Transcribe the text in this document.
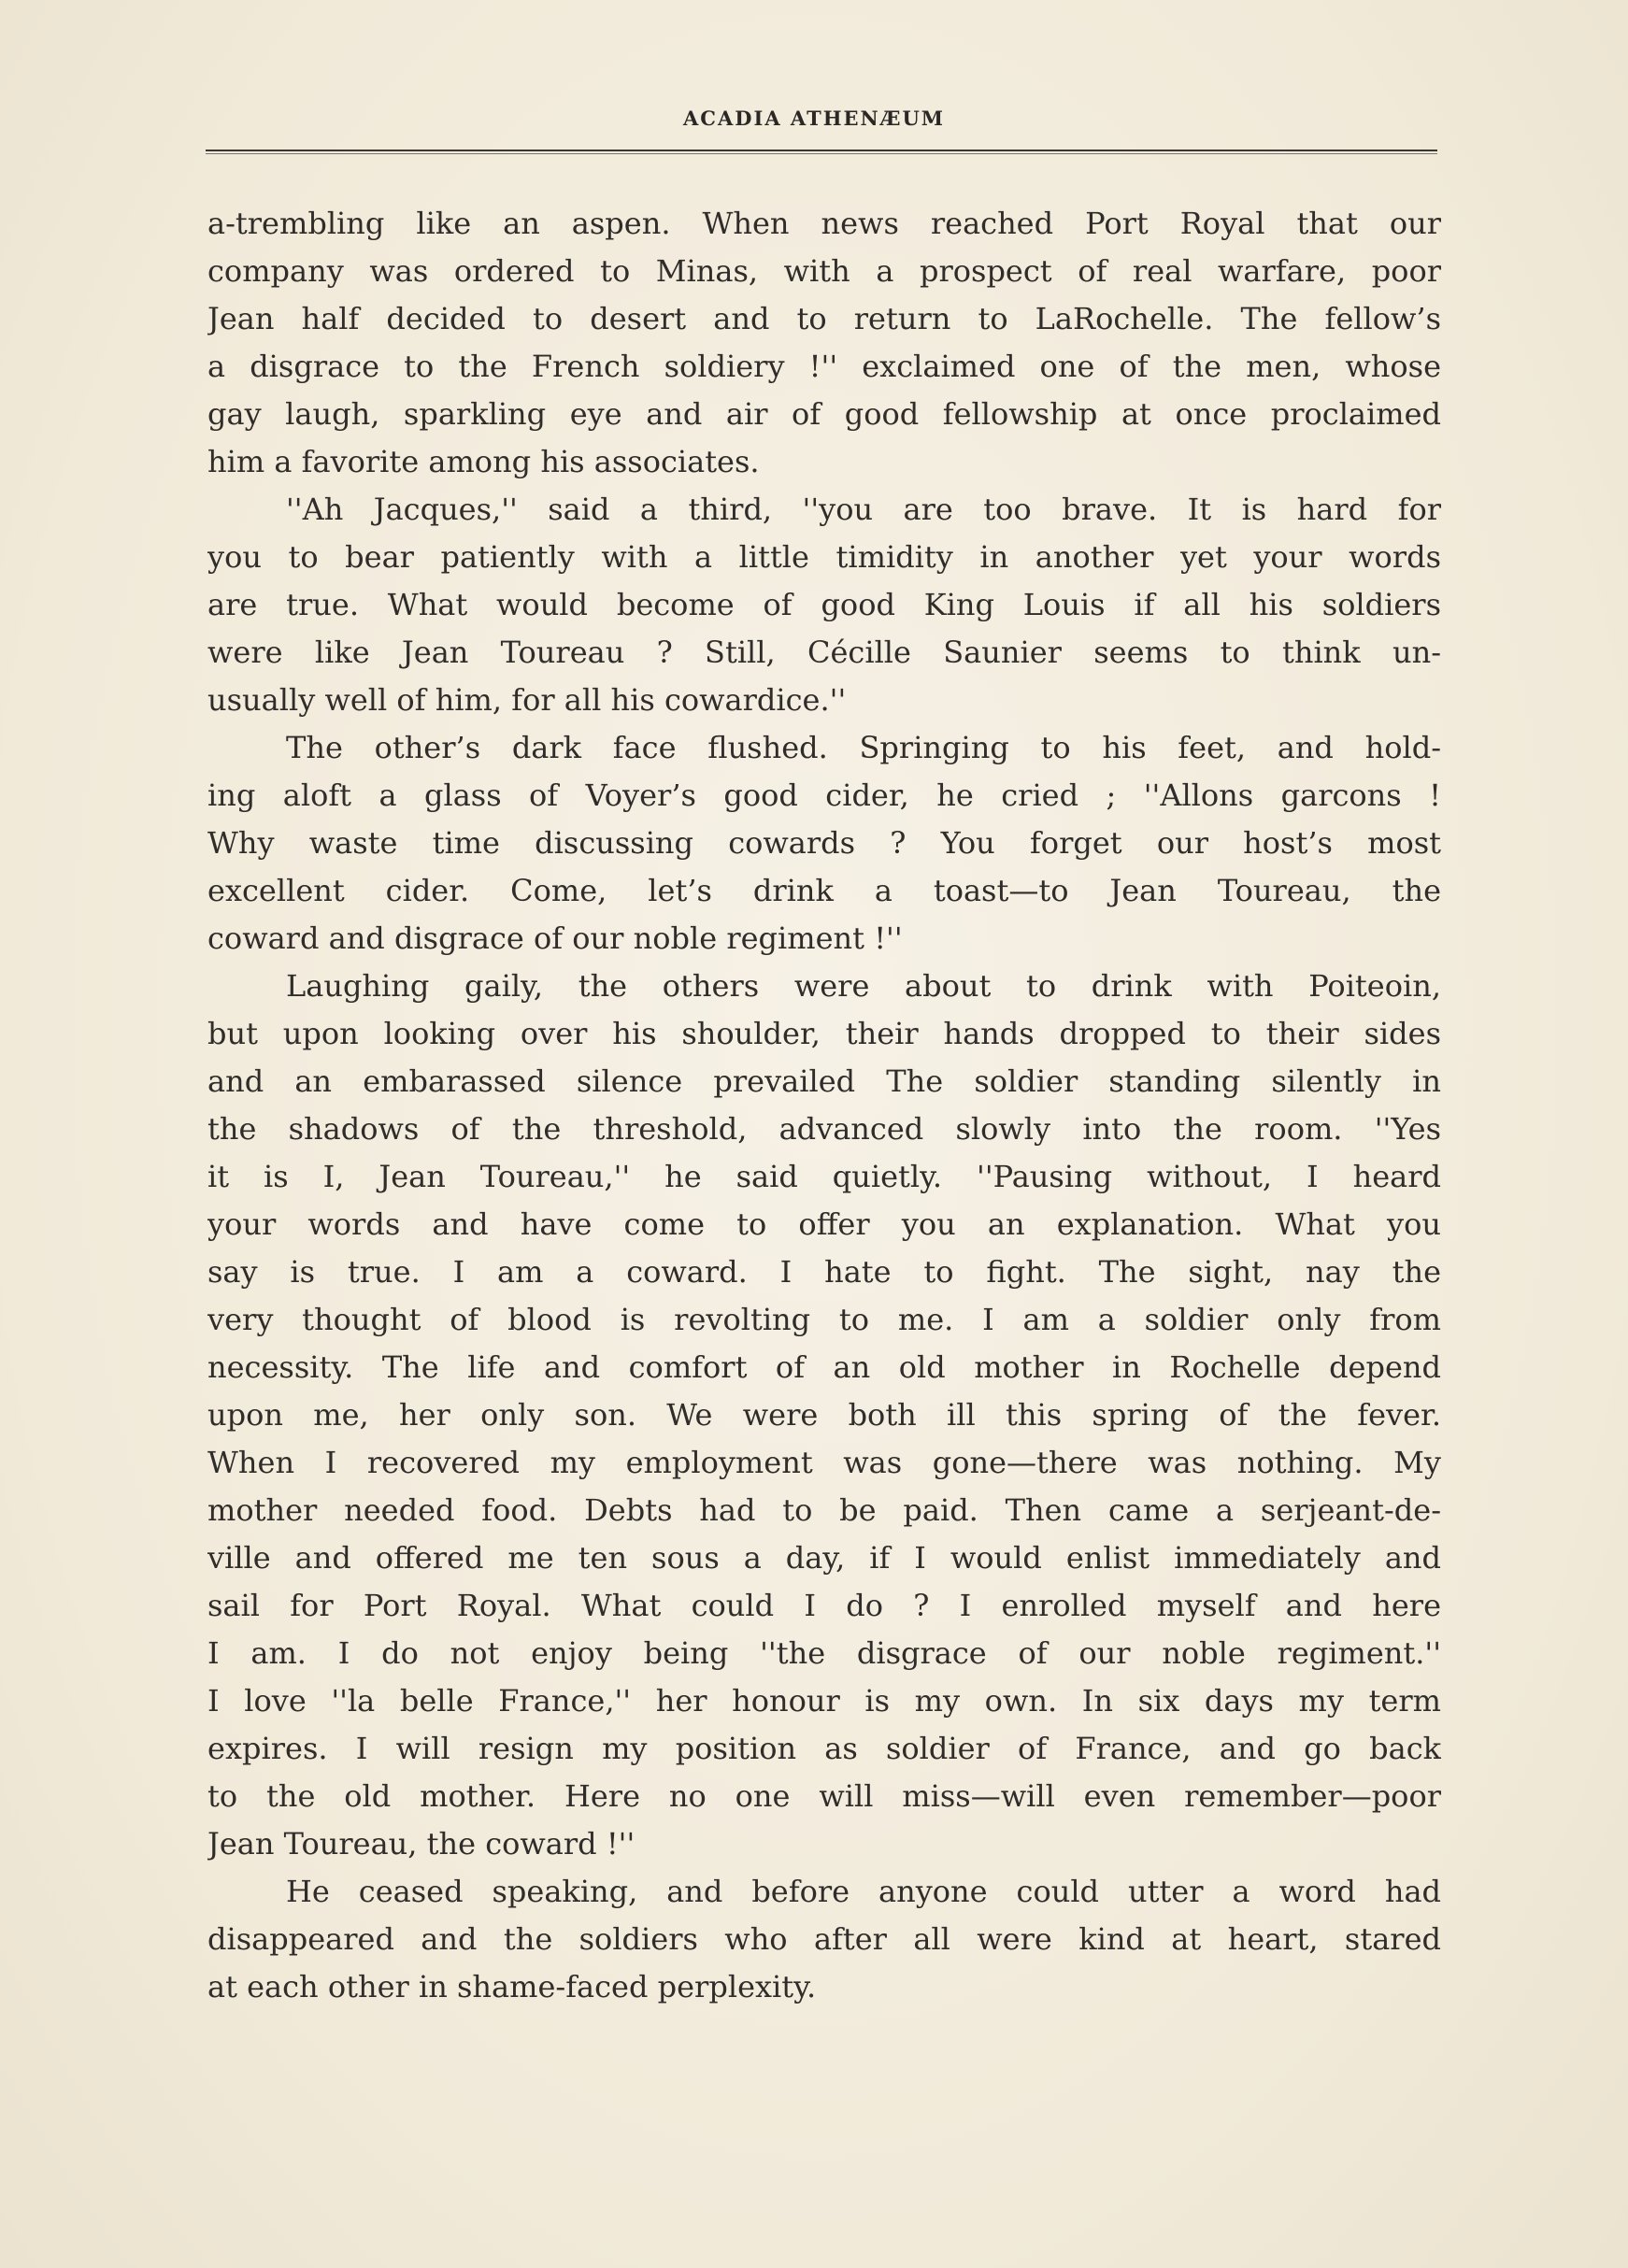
ACADIA ATHENÆUM
a-trembling like an aspen. When news reached Port Royal that our
company was ordered to Minas, with a prospect of real warfare, poor
Jean half decided to desert and to return to LaRochelle. The fellow’s
a disgrace to the French soldiery !'' exclaimed one of the men, whose
gay laugh, sparkling eye and air of good fellowship at once proclaimed
him a favorite among his associates.
''Ah Jacques,'' said a third, ''you are too brave. It is hard for
you to bear patiently with a little timidity in another yet your words
are true. What would become of good King Louis if all his soldiers
were like Jean Toureau ? Still, Cécille Saunier seems to think un-
usually well of him, for all his cowardice.''
The other’s dark face flushed. Springing to his feet, and hold-
ing aloft a glass of Voyer’s good cider, he cried ; ''Allons garcons !
Why waste time discussing cowards ? You forget our host’s most
excellent cider. Come, let’s drink a toast—to Jean Toureau, the
coward and disgrace of our noble regiment !''
Laughing gaily, the others were about to drink with Poiteoin,
but upon looking over his shoulder, their hands dropped to their sides
and an embarassed silence prevailed The soldier standing silently in
the shadows of the threshold, advanced slowly into the room. ''Yes
it is I, Jean Toureau,'' he said quietly. ''Pausing without, I heard
your words and have come to offer you an explanation. What you
say is true. I am a coward. I hate to fight. The sight, nay the
very thought of blood is revolting to me. I am a soldier only from
necessity. The life and comfort of an old mother in Rochelle depend
upon me, her only son. We were both ill this spring of the fever.
When I recovered my employment was gone—there was nothing. My
mother needed food. Debts had to be paid. Then came a serjeant-de-
ville and offered me ten sous a day, if I would enlist immediately and
sail for Port Royal. What could I do ? I enrolled myself and here
I am. I do not enjoy being ''the disgrace of our noble regiment.''
I love ''la belle France,'' her honour is my own. In six days my term
expires. I will resign my position as soldier of France, and go back
to the old mother. Here no one will miss—will even remember—poor
Jean Toureau, the coward !''
He ceased speaking, and before anyone could utter a word had
disappeared and the soldiers who after all were kind at heart, stared
at each other in shame-faced perplexity.
